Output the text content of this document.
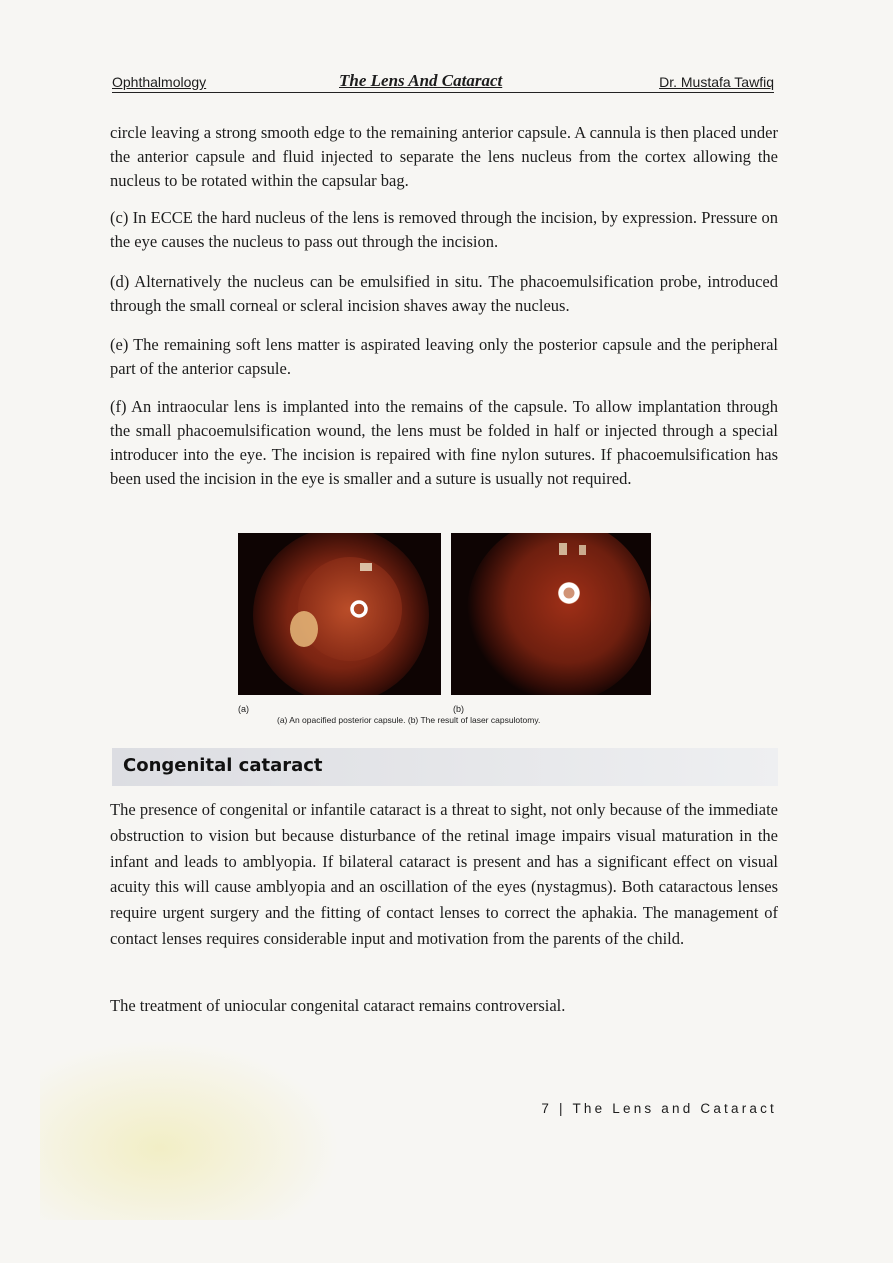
Ophthalmology	The Lens And Cataract	Dr. Mustafa Tawfiq

circle leaving a strong smooth edge to the remaining anterior capsule. A cannula is then placed under the anterior capsule and fluid injected to separate the lens nucleus from the cortex allowing the nucleus to be rotated within the capsular bag.

(c) In ECCE the hard nucleus of the lens is removed through the incision, by expression. Pressure on the eye causes the nucleus to pass out through the incision.

(d) Alternatively the nucleus can be emulsified in situ. The phacoemulsification probe, introduced through the small corneal or scleral incision shaves away the nucleus.

(e) The remaining soft lens matter is aspirated leaving only the posterior capsule and the peripheral part of the anterior capsule.

(f) An intraocular lens is implanted into the remains of the capsule. To allow implantation through the small phacoemulsification wound, the lens must be folded in half or injected through a special introducer into the eye. The incision is repaired with fine nylon sutures. If phacoemulsification has been used the incision in the eye is smaller and a suture is usually not required.

(a)	(b)
(a) An opacified posterior capsule. (b) The result of laser capsulotomy.
Congenital cataract

The presence of congenital or infantile cataract is a threat to sight, not only because of the immediate obstruction to vision but because disturbance of the retinal image impairs visual maturation in the infant and leads to amblyopia. If bilateral cataract is present and has a significant effect on visual acuity this will cause amblyopia and an oscillation of the eyes (nystagmus). Both cataractous lenses require urgent surgery and the fitting of contact lenses to correct the aphakia. The management of contact lenses requires considerable input and motivation from the parents of the child.

The treatment of uniocular congenital cataract remains controversial.

7 | The Lens and Cataract
